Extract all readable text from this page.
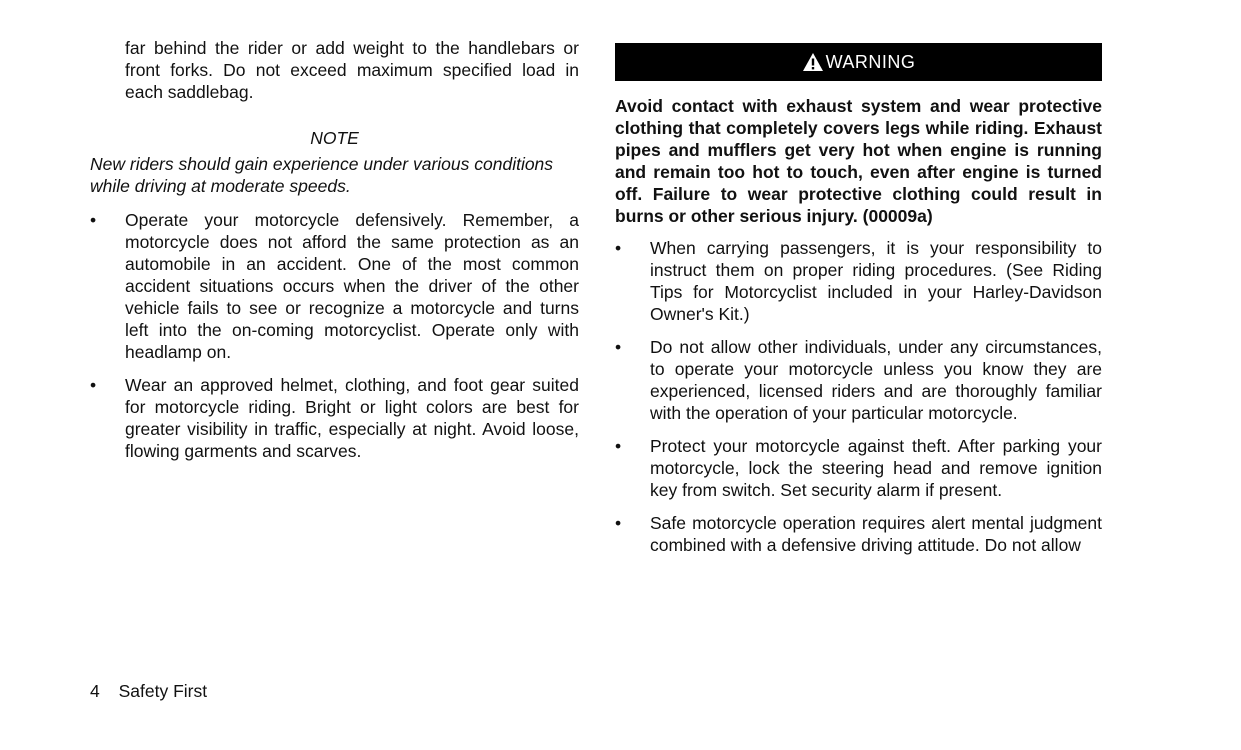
far behind the rider or add weight to the handlebars or front forks. Do not exceed maximum specified load in each saddlebag.

NOTE

New riders should gain experience under various conditions while driving at moderate speeds.

• Operate your motorcycle defensively. Remember, a motorcycle does not afford the same protection as an automobile in an accident. One of the most common accident situations occurs when the driver of the other vehicle fails to see or recognize a motorcycle and turns left into the on-coming motorcyclist. Operate only with headlamp on.
• Wear an approved helmet, clothing, and foot gear suited for motorcycle riding. Bright or light colors are best for greater visibility in traffic, especially at night. Avoid loose, flowing garments and scarves.
WARNING

Avoid contact with exhaust system and wear protective clothing that completely covers legs while riding. Exhaust pipes and mufflers get very hot when engine is running and remain too hot to touch, even after engine is turned off. Failure to wear protective clothing could result in burns or other serious injury. (00009a)

• When carrying passengers, it is your responsibility to instruct them on proper riding procedures. (See Riding Tips for Motorcyclist included in your Harley-Davidson Owner's Kit.)
• Do not allow other individuals, under any circumstances, to operate your motorcycle unless you know they are experienced, licensed riders and are thoroughly familiar with the operation of your particular motorcycle.
• Protect your motorcycle against theft. After parking your motorcycle, lock the steering head and remove ignition key from switch. Set security alarm if present.
• Safe motorcycle operation requires alert mental judgment combined with a defensive driving attitude. Do not allow
4 Safety First
